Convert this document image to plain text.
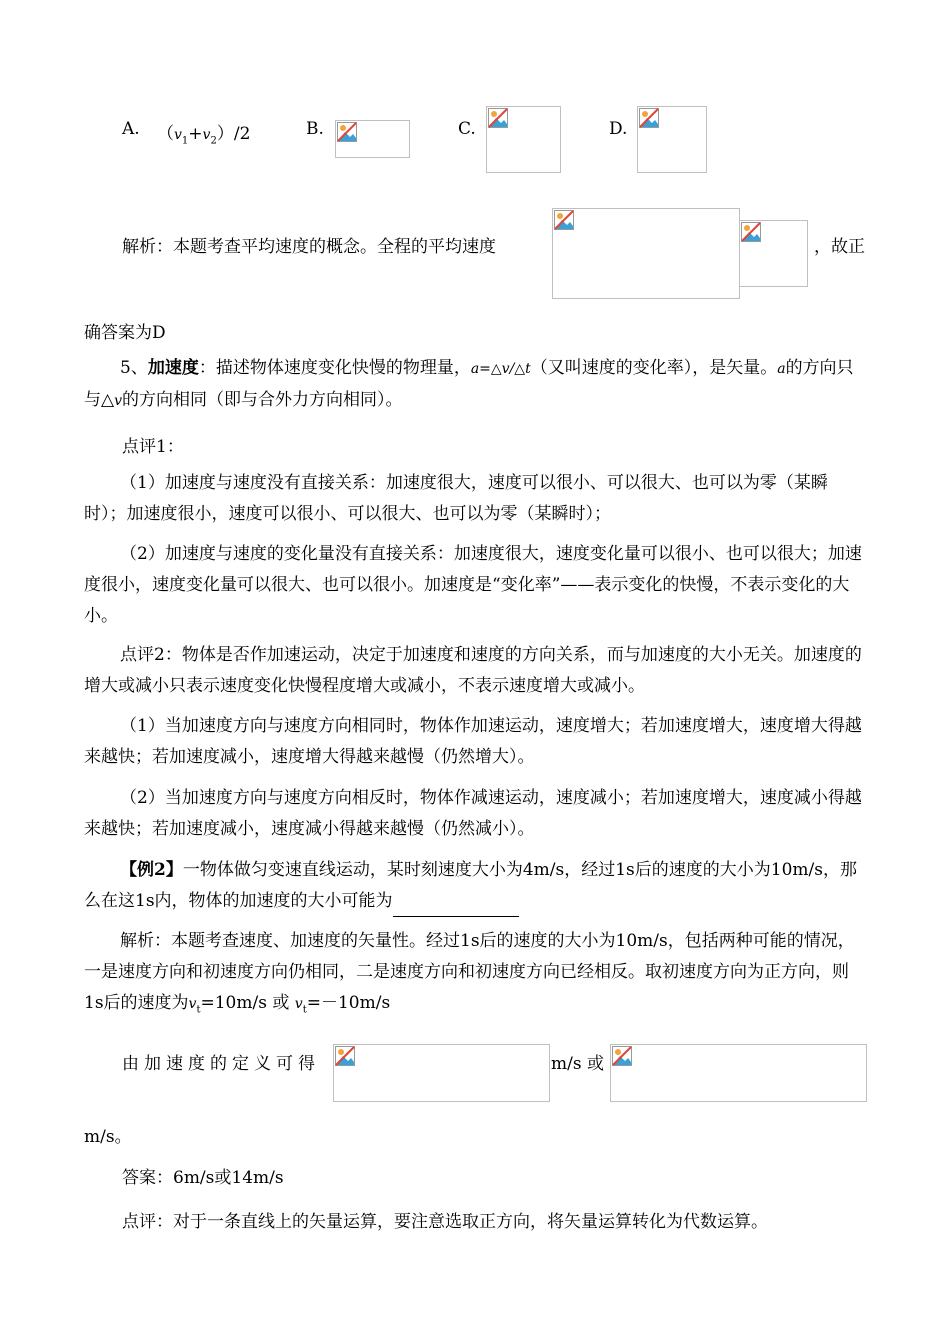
A. $(v_1+v_2)/2$	B.	C.	D.
解析：本题考查平均速度的概念。全程的平均速度	，故正
确答案为D
5、加速度：描述物体速度变化快慢的物理量，a=△v/△t（又叫速度的变化率），是矢量。a的方向只与△v的方向相同（即与合外力方向相同）。
点评1：
（1）加速度与速度没有直接关系：加速度很大，速度可以很小、可以很大、也可以为零（某瞬时）；加速度很小，速度可以很小、可以很大、也可以为零（某瞬时）；
（2）加速度与速度的变化量没有直接关系：加速度很大，速度变化量可以很小、也可以很大；加速度很小，速度变化量可以很大、也可以很小。加速度是“变化率”——表示变化的快慢，不表示变化的大小。
点评2：物体是否作加速运动，决定于加速度和速度的方向关系，而与加速度的大小无关。加速度的增大或减小只表示速度变化快慢程度增大或减小，不表示速度增大或减小。
（1）当加速度方向与速度方向相同时，物体作加速运动，速度增大；若加速度增大，速度增大得越来越快；若加速度减小，速度增大得越来越慢（仍然增大）。
（2）当加速度方向与速度方向相反时，物体作减速运动，速度减小；若加速度增大，速度减小得越来越快；若加速度减小，速度减小得越来越慢（仍然减小）。
【例2】一物体做匀变速直线运动，某时刻速度大小为4m/s，经过1s后的速度的大小为10m/s，那么在这1s内，物体的加速度的大小可能为
解析：本题考查速度、加速度的矢量性。经过1s后的速度的大小为10m/s，包括两种可能的情况，一是速度方向和初速度方向仍相同，二是速度方向和初速度方向已经相反。取初速度方向为正方向，则1s后的速度为$v_t=10m/s$ 或 $v_t=-10m/s$
由加速度的定义可得	m/s 或
m/s。
答案：6m/s或14m/s
点评：对于一条直线上的矢量运算，要注意选取正方向，将矢量运算转化为代数运算。
